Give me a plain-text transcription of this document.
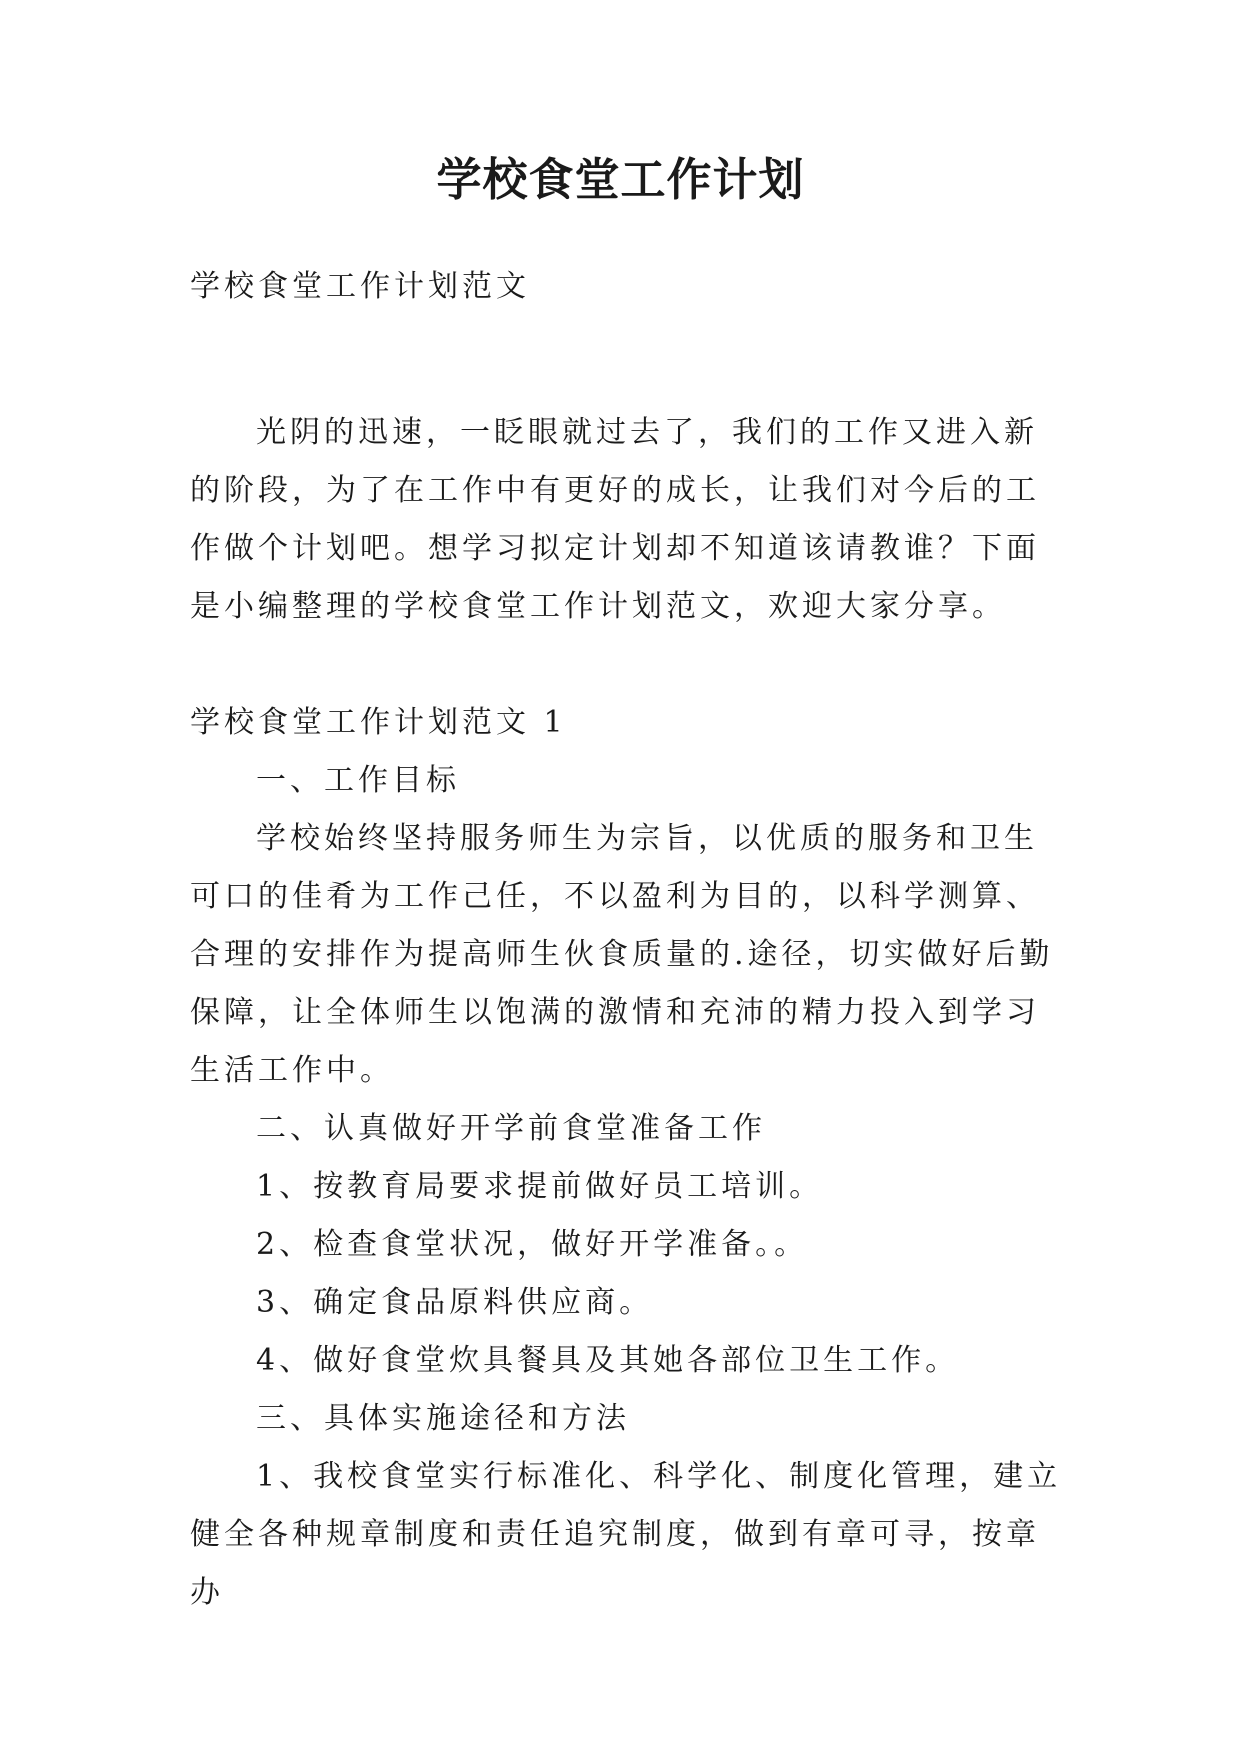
学校食堂工作计划
学校食堂工作计划范文

光阴的迅速，一眨眼就过去了，我们的工作又进入新的阶段，为了在工作中有更好的成长，让我们对今后的工作做个计划吧。想学习拟定计划却不知道该请教谁？下面是小编整理的学校食堂工作计划范文，欢迎大家分享。

学校食堂工作计划范文 1

一、工作目标

学校始终坚持服务师生为宗旨，以优质的服务和卫生可口的佳肴为工作己任，不以盈利为目的，以科学测算、合理的安排作为提高师生伙食质量的.途径，切实做好后勤保障，让全体师生以饱满的激情和充沛的精力投入到学习生活工作中。

二、认真做好开学前食堂准备工作

1、按教育局要求提前做好员工培训。

2、检查食堂状况，做好开学准备。。

3、确定食品原料供应商。

4、做好食堂炊具餐具及其她各部位卫生工作。

三、具体实施途径和方法

1、我校食堂实行标准化、科学化、制度化管理，建立健全各种规章制度和责任追究制度，做到有章可寻，按章办
